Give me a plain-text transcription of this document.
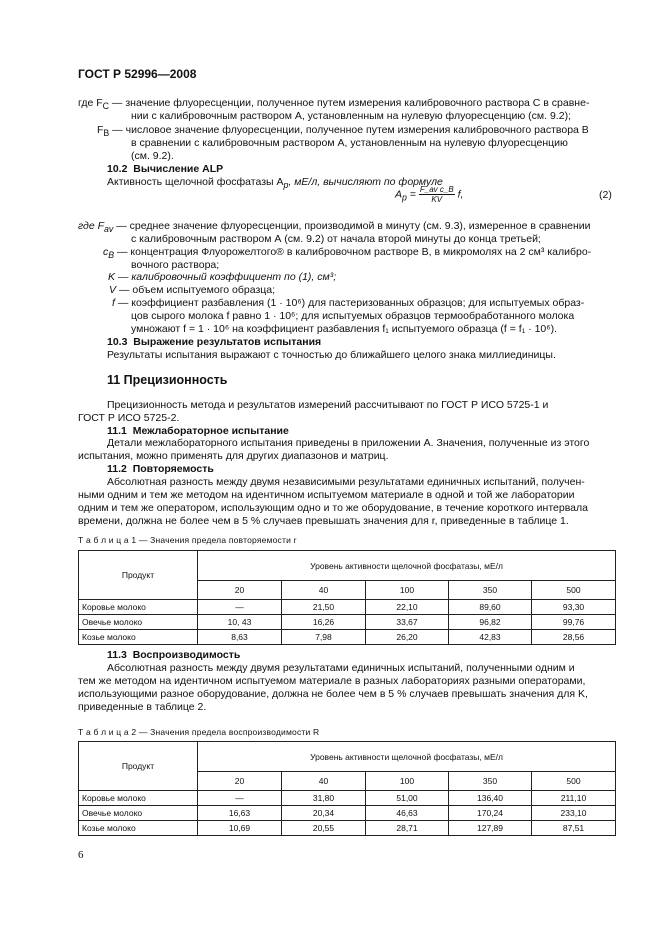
ГОСТ Р 52996—2008
где $F_C$ — значение флуоресценции, полученное путем измерения калибровочного раствора C в сравне-
нии с калибровочным раствором А, установленным на нулевую флуоресценцию (см. 9.2);
$F_B$ — числовое значение флуоресценции, полученное путем измерения калибровочного раствора B
в сравнении с калибровочным раствором А, установленным на нулевую флуоресценцию
(см. 9.2).
10.2 Вычисление ALP
Активность щелочной фосфатазы $A_p$, мЕ/л, вычисляют по формуле
$A_p = \frac{\text{F\_av c\_B}}{KV} f$,	(2)
где $F_{av}$ — среднее значение флуоресценции, производимой в минуту (см. 9.3), измеренное в сравнении
с калибровочным раствором А (см. 9.2) от начала второй минуты до конца третьей;
$c_B$ — концентрация Флуорожелтого® в калибровочном растворе В, в микромолях на 2 см³ калибро-
вочного раствора;
K — калибровочный коэффициент по (1), см³;
V — объем испытуемого образца;
f — коэффициент разбавления (1 · 10⁶) для пастеризованных образцов; для испытуемых образ-
цов сырого молока f равно 1 · 10⁶; для испытуемых образцов термообработанного молока
умножают f = 1 · 10⁶ на коэффициент разбавления f₁ испытуемого образца (f = f₁ · 10⁶).
10.3 Выражение результатов испытания
Результаты испытания выражают с точностью до ближайшего целого знака миллиединицы.
11 Прецизионность
Прецизионность метода и результатов измерений рассчитывают по ГОСТ Р ИСО 5725-1 и
ГОСТ Р ИСО 5725-2.
11.1 Межлабораторное испытание
Детали межлабораторного испытания приведены в приложении А. Значения, полученные из этого
испытания, можно применять для других диапазонов и матриц.
11.2 Повторяемость
Абсолютная разность между двумя независимыми результатами единичных испытаний, получен-
ными одним и тем же методом на идентичном испытуемом материале в одной и той же лаборатории
одним и тем же оператором, использующим одно и то же оборудование, в течение короткого интервала
времени, должна не более чем в 5 % случаев превышать значения для r, приведенные в таблице 1.
Т а б л и ц а 1 — Значения предела повторяемости r
Продукт	Уровень активности щелочной фосфатазы, мЕ/л				
	20	40	100	350	500
Коровье молоко	—	21,50	22,10	89,60	93,30
Овечье молоко	10, 43	16,26	33,67	96,82	99,76
Козье молоко	8,63	7,98	26,20	42,83	28,56
11.3 Воспроизводимость
Абсолютная разность между двумя результатами единичных испытаний, полученными одним и
тем же методом на идентичном испытуемом материале в разных лабораториях разными операторами,
использующими разное оборудование, должна не более чем в 5 % случаев превышать значения для K,
приведенные в таблице 2.
Т а б л и ц а 2 — Значения предела воспроизводимости R
Продукт	Уровень активности щелочной фосфатазы, мЕ/л				
	20	40	100	350	500
Коровье молоко	—	31,80	51,00	136,40	211,10
Овечье молоко	16,63	20,34	46,63	170,24	233,10
Козье молоко	10,69	20,55	28,71	127,89	87,51
6
